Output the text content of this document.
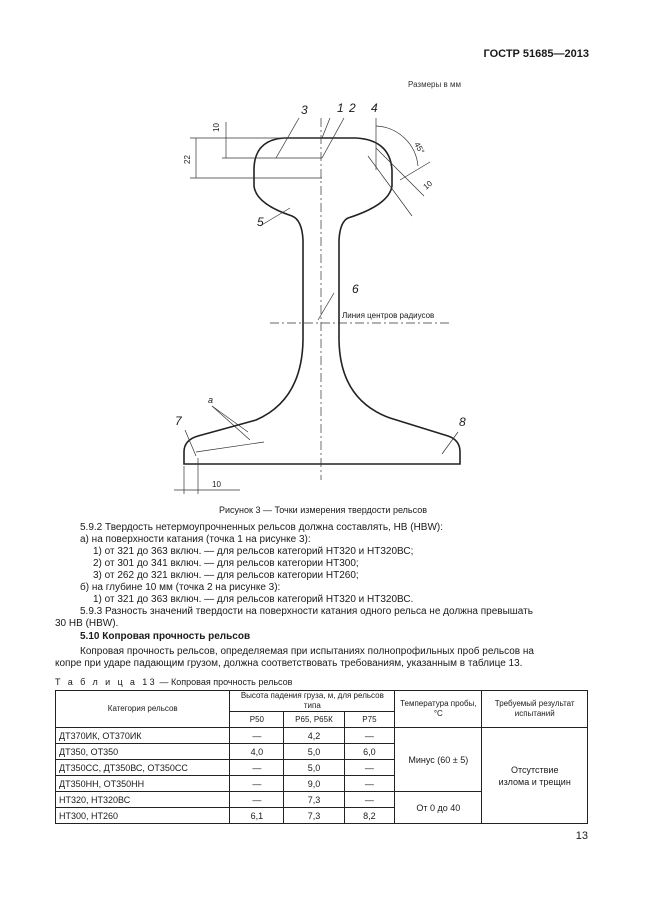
ГОСТР 51685—2013
Размеры в мм
3 1 2 4
5
6
7	8
a
10
22
45°
10
10
Линия центров радиусов
Рисунок 3 — Точки измерения твердости рельсов
5.9.2 Твердость нетермоупрочненных рельсов должна составлять, НВ (HBW):
а) на поверхности катания (точка 1 на рисунке 3):
1) от 321 до 363 включ. — для рельсов категорий НТ320 и НТ320ВС;
2) от 301 до 341 включ. — для рельсов категории НТ300;
3) от 262 до 321 включ. — для рельсов категории НТ260;
б) на глубине 10 мм (точка 2 на рисунке 3):
1) от 321 до 363 включ. — для рельсов категорий НТ320 и НТ320ВС.
5.9.3 Разность значений твердости на поверхности катания одного рельса не должна превышать
30 НВ (HBW).
5.10 Копровая прочность рельсов
Копровая прочность рельсов, определяемая при испытаниях полнопрофильных проб рельсов на
копре при ударе падающим грузом, должна соответствовать требованиям, указанным в таблице 13.
Т а б л и ц а 13 — Копровая прочность рельсов
Категория рельсов	Высота падения груза, м, для рельсов типа			Температура пробы, °С	Требуемый результат испытаний
	Р50	Р65, Р65К	Р75		
ДТ370ИК, ОТ370ИК	—	4,2	—	Минус (60 ± 5)	Отсутствие излома и трещин
ДТ350, ОТ350	4,0	5,0	6,0		
ДТ350СС, ДТ350ВС, ОТ350СС	—	5,0	—		
ДТ350НН, ОТ350НН	—	9,0	—		
НТ320, НТ320ВС	—	7,3	—	От 0 до 40	
НТ300, НТ260	6,1	7,3	8,2		
13
